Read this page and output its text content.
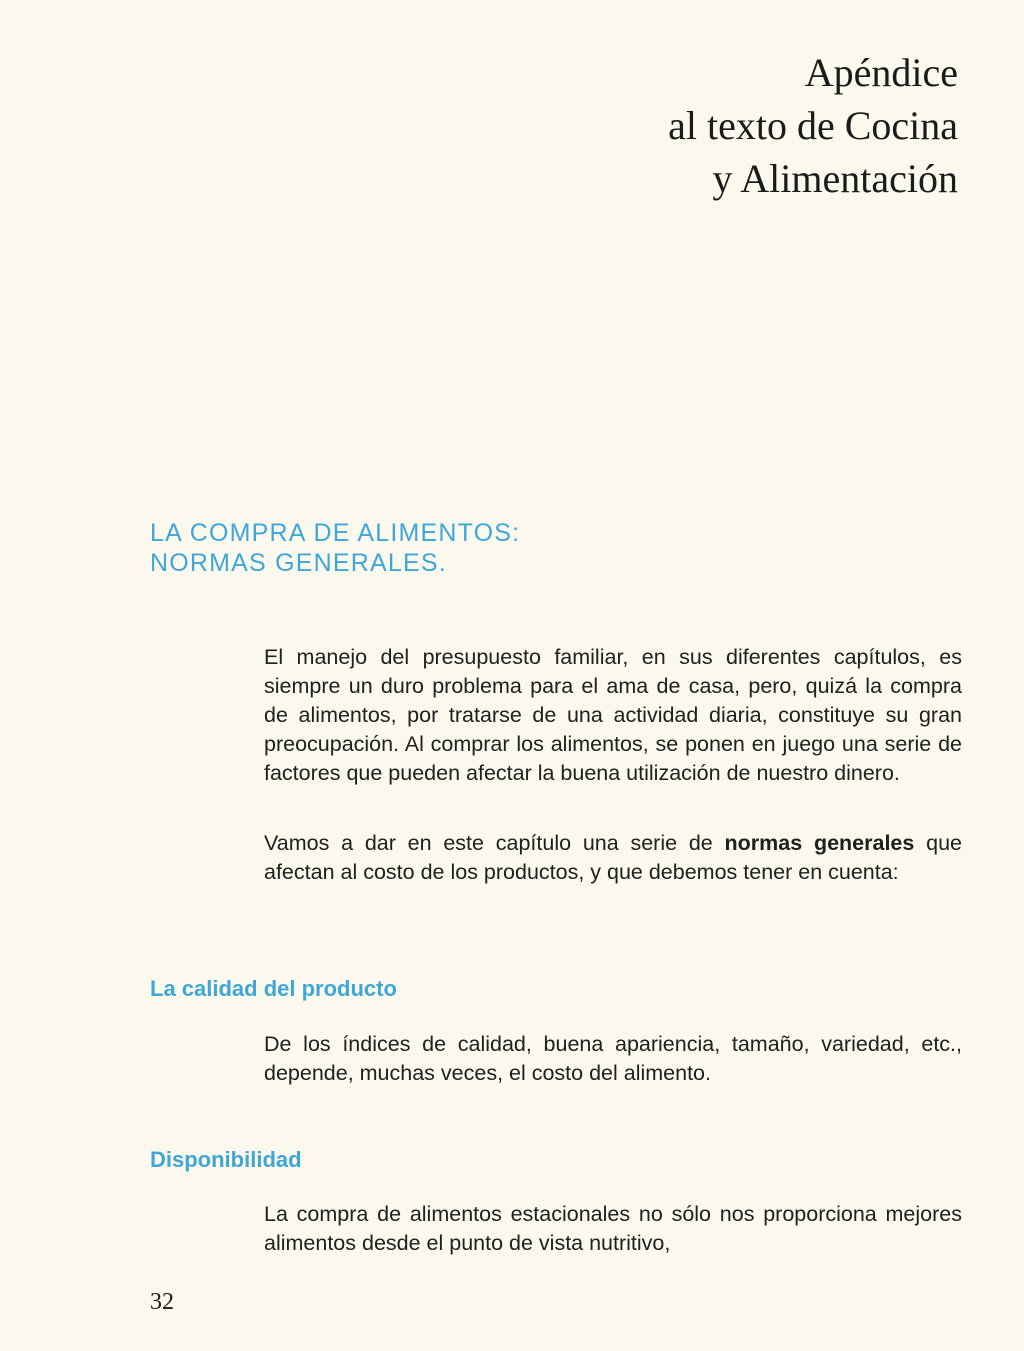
Apéndice
al texto de Cocina
y Alimentación
LA COMPRA DE ALIMENTOS:
NORMAS GENERALES.

El manejo del presupuesto familiar, en sus diferentes capítulos, es siempre un duro problema para el ama de casa, pero, quizá la compra de alimentos, por tratarse de una actividad diaria, constituye su gran preocupación. Al comprar los alimentos, se ponen en juego una serie de factores que pueden afectar la buena utilización de nuestro dinero.

Vamos a dar en este capítulo una serie de normas generales que afectan al costo de los productos, y que debemos tener en cuenta:

La calidad del producto

De los índices de calidad, buena apariencia, tamaño, variedad, etc., depende, muchas veces, el costo del alimento.

Disponibilidad

La compra de alimentos estacionales no sólo nos proporciona mejores alimentos desde el punto de vista nutritivo,

32
